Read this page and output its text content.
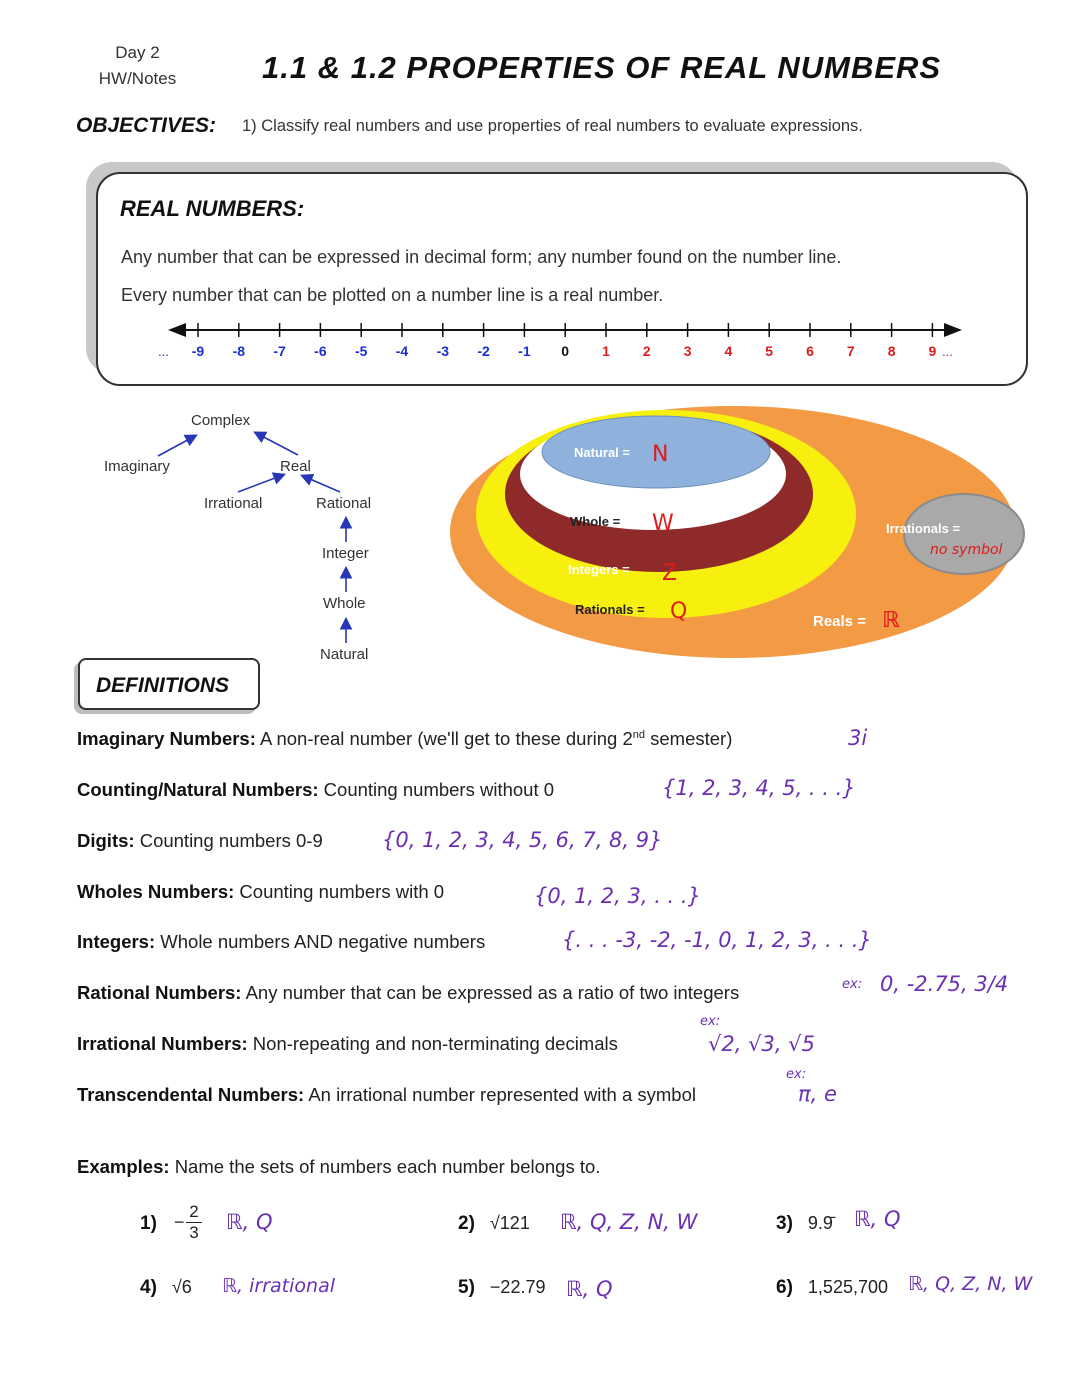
Day 2
HW/Notes	1.1 & 1.2 PROPERTIES OF REAL NUMBERS
OBJECTIVES: 1) Classify real numbers and use properties of real numbers to evaluate expressions.
REAL NUMBERS:
Any number that can be expressed in decimal form; any number found on the number line.
Every number that can be plotted on a number line is a real number.
-9 -8 -7 -6 -5 -4 -3 -2 -1 0 1 2 3 4 5 6 7 8 9
...	...
Complex
Imaginary	Real
Irrational	Rational
Integer
Whole
Natural
Natural = N
Whole = W
Integers = Z
Rationals = Q
Irrationals =
no symbol
Reals = ℝ
DEFINITIONS
Imaginary Numbers: A non-real number (we'll get to these during 2nd semester)	3i
Counting/Natural Numbers: Counting numbers without 0	{1, 2, 3, 4, 5, . . .}
Digits: Counting numbers 0-9	{0, 1, 2, 3, 4, 5, 6, 7, 8, 9}
Wholes Numbers: Counting numbers with 0	{0, 1, 2, 3, . . .}
Integers: Whole numbers AND negative numbers	{. . . -3, -2, -1, 0, 1, 2, 3, . . .}
Rational Numbers: Any number that can be expressed as a ratio of two integers	ex: 0, -2.75, 3/4
Irrational Numbers: Non-repeating and non-terminating decimals
ex:
√2, √3, √5
Transcendental Numbers: An irrational number represented with a symbol
ex:
π, e
Examples: Name the sets of numbers each number belongs to.
$1) - \frac{2}{3}$ ℝ, Q	2) √121 ℝ, Q, Z, N, W	3) 9.9̄ ℝ, Q
4) √6 ℝ, irrational	5) −22.79 ℝ, Q	6) 1,525,700 ℝ, Q, Z, N, W
